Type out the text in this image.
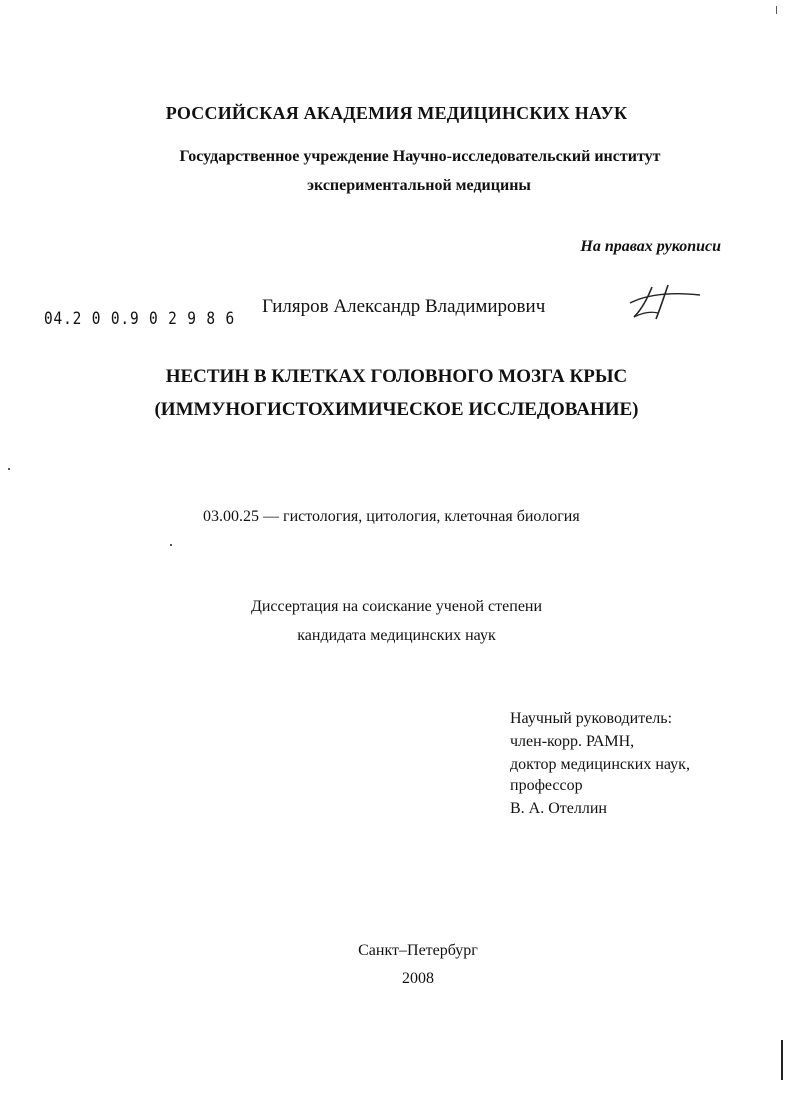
РОССИЙСКАЯ АКАДЕМИЯ МЕДИЦИНСКИХ НАУК
Государственное учреждение Научно-исследовательский институт
экспериментальной медицины
На правах рукописи
04.2 0 0.9 0 2 9 8 6
Гиляров Александр Владимирович
НЕСТИН В КЛЕТКАХ ГОЛОВНОГО МОЗГА КРЫС
(ИММУНОГИСТОХИМИЧЕСКОЕ ИССЛЕДОВАНИЕ)
03.00.25 — гистология, цитология, клеточная биология
Диссертация на соискание ученой степени
кандидата медицинских наук
Научный руководитель:
член-корр. РАМН,
доктор медицинских наук,
профессор
В. А. Отеллин
Санкт–Петербург
2008
